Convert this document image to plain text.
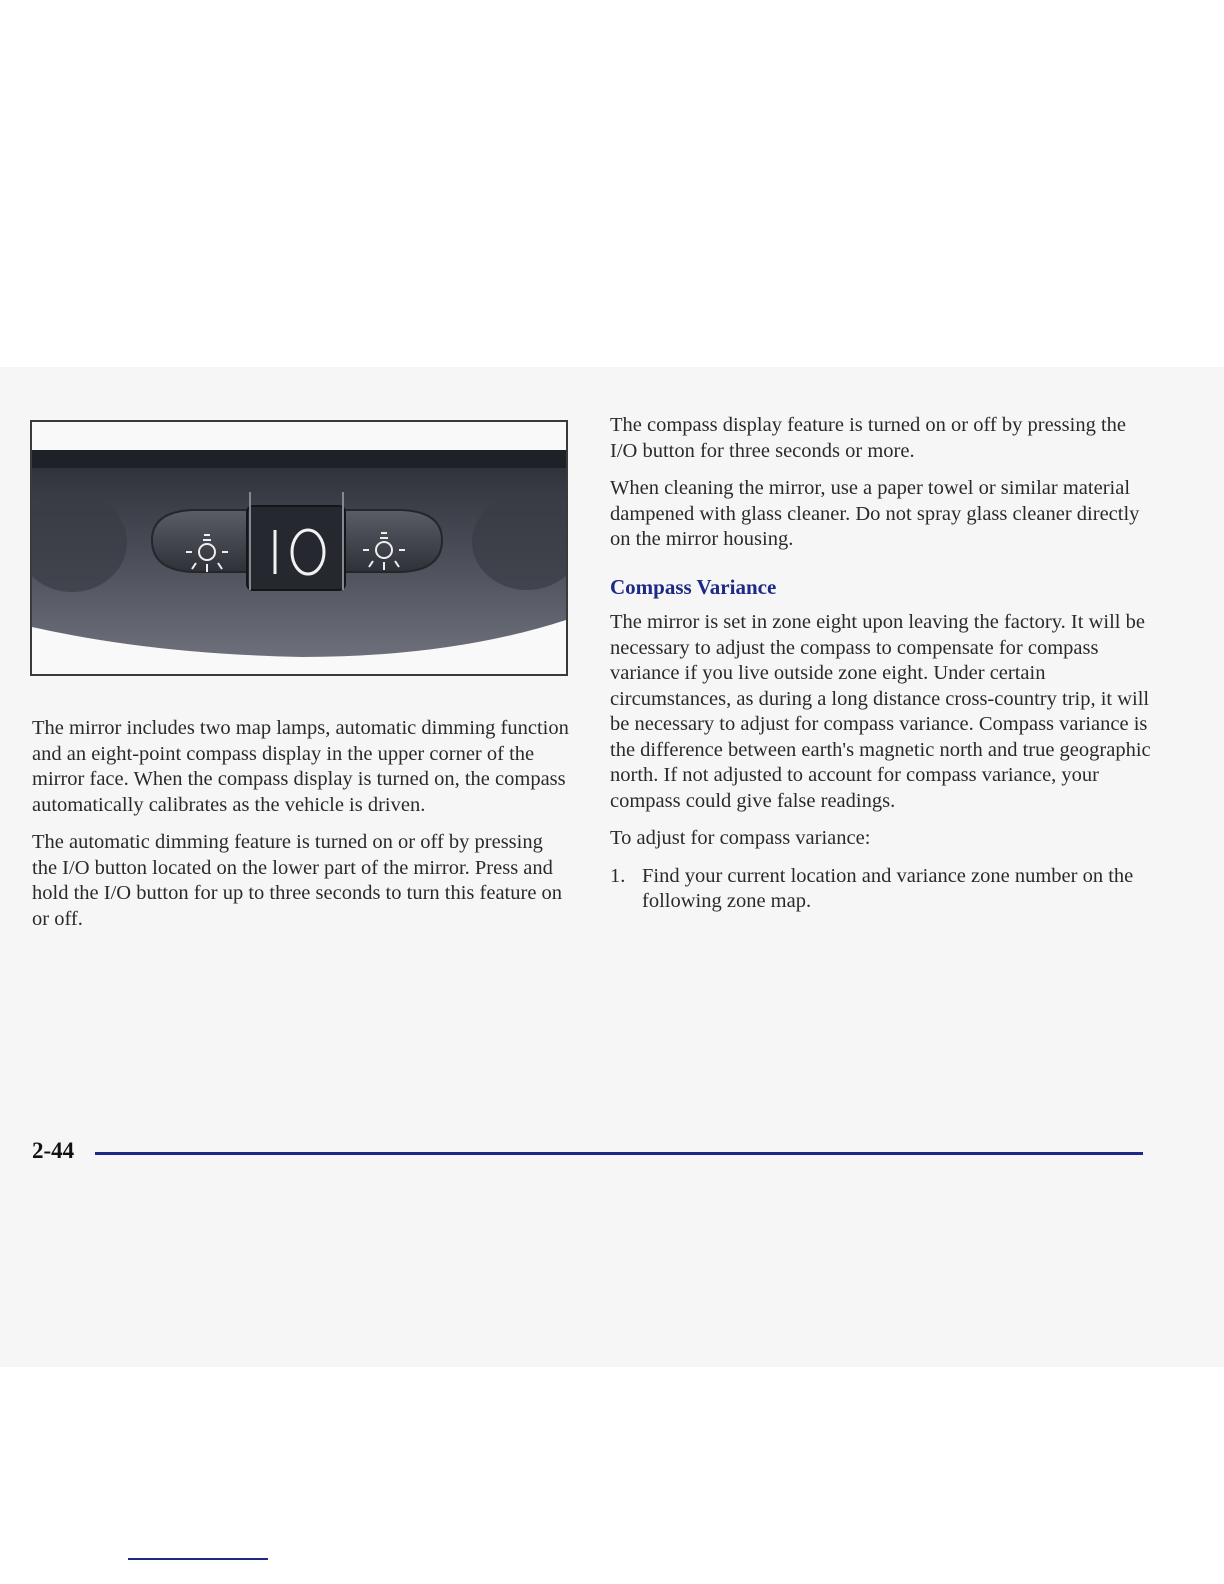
The mirror includes two map lamps, automatic dimming function and an eight-point compass display in the upper corner of the mirror face. When the compass display is turned on, the compass automatically calibrates as the vehicle is driven.

The automatic dimming feature is turned on or off by pressing the I/O button located on the lower part of the mirror. Press and hold the I/O button for up to three seconds to turn this feature on or off.

The compass display feature is turned on or off by pressing the I/O button for three seconds or more.

When cleaning the mirror, use a paper towel or similar material dampened with glass cleaner. Do not spray glass cleaner directly on the mirror housing.

Compass Variance

The mirror is set in zone eight upon leaving the factory. It will be necessary to adjust the compass to compensate for compass variance if you live outside zone eight. Under certain circumstances, as during a long distance cross-country trip, it will be necessary to adjust for compass variance. Compass variance is the difference between earth's magnetic north and true geographic north. If not adjusted to account for compass variance, your compass could give false readings.

To adjust for compass variance:

1. Find your current location and variance zone number on the following zone map.
2-44
